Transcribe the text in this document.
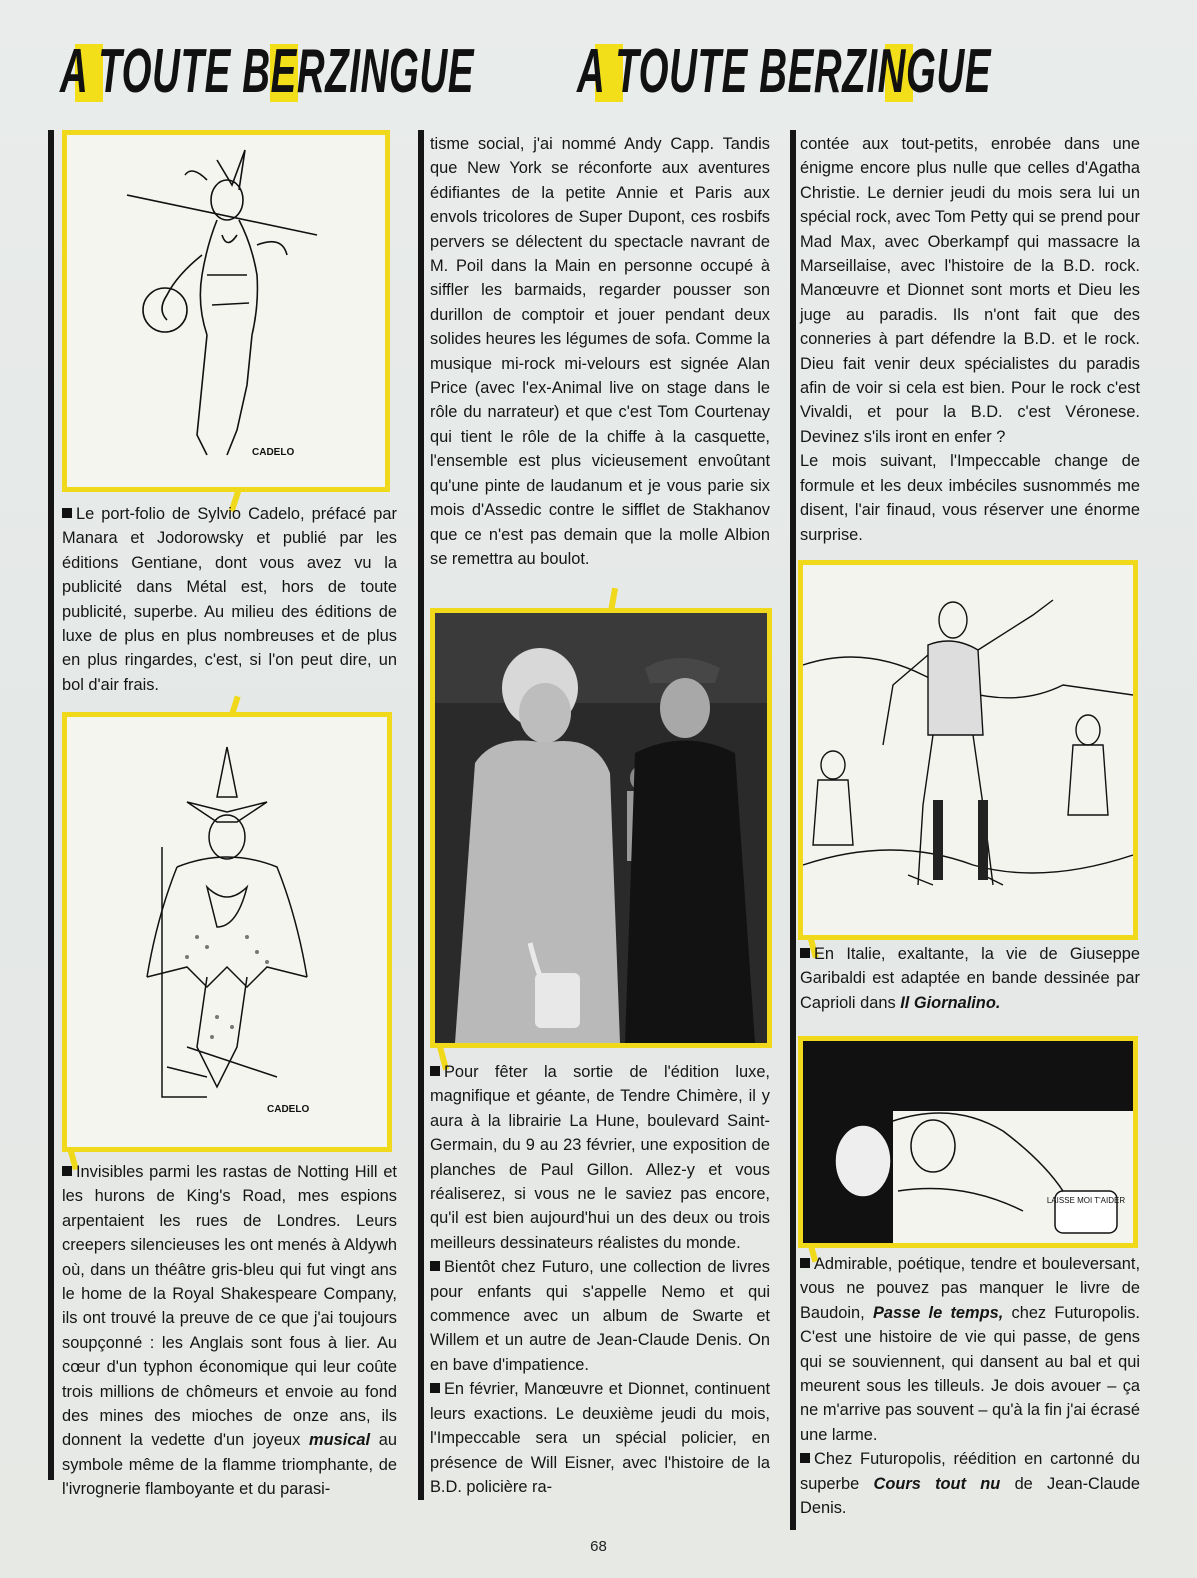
A TOUTE BERZINGUE A TOUTE BERZINGUE
CADELO

Le port-folio de Sylvio Cadelo, préfacé par Manara et Jodorowsky et publié par les éditions Gentiane, dont vous avez vu la publicité dans Métal est, hors de toute publicité, superbe. Au milieu des éditions de luxe de plus en plus nombreuses et de plus en plus ringardes, c'est, si l'on peut dire, un bol d'air frais.

CADELO

Invisibles parmi les rastas de Notting Hill et les hurons de King's Road, mes espions arpentaient les rues de Londres. Leurs creepers silencieuses les ont menés à Aldywh où, dans un théâtre gris-bleu qui fut vingt ans le home de la Royal Shakespeare Company, ils ont trouvé la preuve de ce que j'ai toujours soupçonné : les Anglais sont fous à lier. Au cœur d'un typhon économique qui leur coûte trois millions de chômeurs et envoie au fond des mines des mioches de onze ans, ils donnent la vedette d'un joyeux musical au symbole même de la flamme triomphante, de l'ivrognerie flamboyante et du parasi-

tisme social, j'ai nommé Andy Capp. Tandis que New York se réconforte aux aventures édifiantes de la petite Annie et Paris aux envols tricolores de Super Dupont, ces rosbifs pervers se délectent du spectacle navrant de M. Poil dans la Main en personne occupé à siffler les barmaids, regarder pousser son durillon de comptoir et jouer pendant deux solides heures les légumes de sofa. Comme la musique mi-rock mi-velours est signée Alan Price (avec l'ex-Animal live on stage dans le rôle du narrateur) et que c'est Tom Courtenay qui tient le rôle de la chiffe à la casquette, l'ensemble est plus vicieusement envoûtant qu'une pinte de laudanum et je vous parie six mois d'Assedic contre le sifflet de Stakhanov que ce n'est pas demain que la molle Albion se remettra au boulot.

Pour fêter la sortie de l'édition luxe, magnifique et géante, de Tendre Chimère, il y aura à la librairie La Hune, boulevard Saint-Germain, du 9 au 23 février, une exposition de planches de Paul Gillon. Allez-y et vous réaliserez, si vous ne le saviez pas encore, qu'il est bien aujourd'hui un des deux ou trois meilleurs dessinateurs réalistes du monde.

Bientôt chez Futuro, une collection de livres pour enfants qui s'appelle Nemo et qui commence avec un album de Swarte et Willem et un autre de Jean-Claude Denis. On en bave d'impatience.

En février, Manœuvre et Dionnet, continuent leurs exactions. Le deuxième jeudi du mois, l'Impeccable sera un spécial policier, en présence de Will Eisner, avec l'histoire de la B.D. policière ra-

contée aux tout-petits, enrobée dans une énigme encore plus nulle que celles d'Agatha Christie. Le dernier jeudi du mois sera lui un spécial rock, avec Tom Petty qui se prend pour Mad Max, avec Oberkampf qui massacre la Marseillaise, avec l'histoire de la B.D. rock. Manœuvre et Dionnet sont morts et Dieu les juge au paradis. Ils n'ont fait que des conneries à part défendre la B.D. et le rock. Dieu fait venir deux spécialistes du paradis afin de voir si cela est bien. Pour le rock c'est Vivaldi, et pour la B.D. c'est Véronese. Devinez s'ils iront en enfer ?

Le mois suivant, l'Impeccable change de formule et les deux imbéciles susnommés me disent, l'air finaud, vous réserver une énorme surprise.

En Italie, exaltante, la vie de Giuseppe Garibaldi est adaptée en bande dessinée par Caprioli dans Il Giornalino.

LAISSE MOI T'AIDER

Admirable, poétique, tendre et bouleversant, vous ne pouvez pas manquer le livre de Baudoin, Passe le temps, chez Futuropolis. C'est une histoire de vie qui passe, de gens qui se souviennent, qui dansent au bal et qui meurent sous les tilleuls. Je dois avouer – ça ne m'arrive pas souvent – qu'à la fin j'ai écrasé une larme.

Chez Futuropolis, réédition en cartonné du superbe Cours tout nu de Jean-Claude Denis.

68
